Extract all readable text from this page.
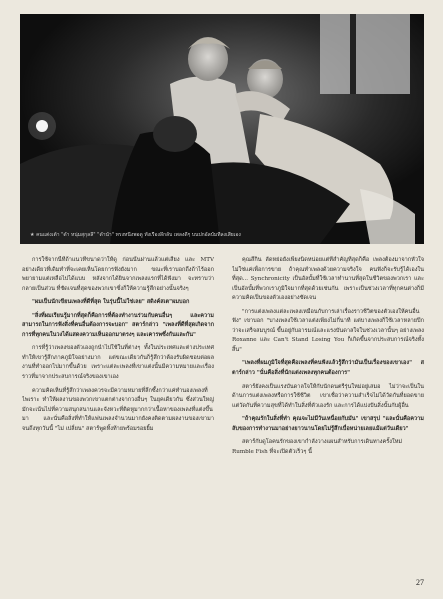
★ คนแต่งเต้า "ดำ หนุ่มสุกุลลี" "ดำน้ำ" ทรงหนึ่งพอดู ทั้งเรื่องลึกลับ เพลงดีๆ บนปกอัลบั้มที่ลงเสียเอง

การใช้จากนี้ที่ถ้าแนวที่ขนาดว่าให้ดู ก่อนนั้นผ่านแล้วแต่เสียง และ MTV อย่างเดียวที่เดิมทำที่จะเคยเห็นโดยการฟังยังมาก ขณะที่เราบอกถึงถ้าไร้ออกพยายามแต่เหลือไปได้แบบ หลังจากได้ยินจากเพลงแรกที่ได้ฟังมา จะทราบว่ากลายเป็นส่วน ที่ชัดเจนที่สุดของพวกเขาซึ่งก็ให้ความรู้สึกอย่างนั้นจริงๆ

"ผมเป็นนักเขียนเพลงที่ดีที่สุด ในรุ่นนี้ไม่ใช่เลย" สดิงค์สเต"ผมบอก

"สิ่งที่ผมเรียนรู้มากที่สุดก็คือการที่ต้องทำงานร่วมกับคนอื่นๆ และความสามารถในการฟังสิ่งที่คนอื่นต้องการจะบอก" สตาร์กล่าว "เพลงที่ดีที่สุดเกิดจากการที่ทุกคนในวงได้แสดงความเห็นออกมาตรงๆ และเคารพซึ่งกันและกัน"

การที่รู้ว่าเพลงของตัวเองถูกนำไปใช้ในที่ต่างๆ ทั้งในประเทศและต่างประเทศ ทำให้เขารู้สึกภาคภูมิใจอย่างมาก แต่ขณะเดียวกันก็รู้สึกว่าต้องรับผิดชอบต่อผลงานที่ทำออกไปมากขึ้นด้วย เพราะแต่ละเพลงที่เขาแต่งนั้นมีความหมายและเรื่องราวที่มาจากประสบการณ์จริงของเขาเอง

ความคิดเห็นที่รู้สึกว่าเพลงควรจะมีความหมายที่ลึกซึ้งกว่าแค่ทำนองเพลงที่ไพเราะ ทำให้ผลงานของพวกเขาแตกต่างจากวงอื่นๆ ในยุคเดียวกัน ซึ่งส่วนใหญ่มักจะเน้นไปที่ความสนุกสนานและจังหวะที่ติดหูมากกว่าเนื้อหาของเพลงที่แต่งขึ้นมา และนั่นคือสิ่งที่ทำให้แฟนเพลงจำนวนมากยังคงติดตามผลงานของเขามาจนถึงทุกวันนี้ "ไม่ เปลี่ยน" สตาร์พูดทิ้งท้ายพร้อมรอยยิ้ม

คุณสึกิน ลัดหย่อยังเพียงนิดหน่อยแต่ที่สำคัญที่สุดก็คือ เพลงต้องมาจากหัวใจ ไม่ใช่แค่เพื่อการขาย ถ้าคุณทำเพลงด้วยความจริงใจ คนฟังก็จะรับรู้ได้เองในที่สุด... Synchronicity เป็นอัลบั้มที่ใช้เวลาทำนานที่สุดในชีวิตของพวกเรา และเป็นอัลบั้มที่พวกเราภูมิใจมากที่สุดด้วยเช่นกัน เพราะเป็นช่วงเวลาที่ทุกคนต่างก็มีความคิดเป็นของตัวเองอย่างชัดเจน

"การแต่งเพลงแต่ละเพลงเหมือนกับการเล่าเรื่องราวชีวิตของตัวเองให้คนอื่นฟัง" เขาบอก "บางเพลงใช้เวลาแต่งเพียงไม่กี่นาที แต่บางเพลงก็ใช้เวลาหลายปีกว่าจะเสร็จสมบูรณ์ ขึ้นอยู่กับอารมณ์และแรงบันดาลใจในช่วงเวลานั้นๆ อย่างเพลง Roxanne และ Can't Stand Losing You ก็เกิดขึ้นจากประสบการณ์จริงทั้งสิ้น"

"เพลงที่ผมภูมิใจที่สุดคือเพลงที่คนฟังแล้วรู้สึกว่ามันเป็นเรื่องของเขาเอง" สตาร์กล่าว "นั่นคือสิ่งที่นักแต่งเพลงทุกคนต้องการ"

สตาร์ยังคงเป็นแรงบันดาลใจให้กับนักดนตรีรุ่นใหม่อยู่เสมอ ไม่ว่าจะเป็นในด้านการแต่งเพลงหรือการใช้ชีวิต เขาเชื่อว่าความสำเร็จไม่ได้วัดกันที่ยอดขาย แต่วัดกันที่ความสุขที่ได้ทำในสิ่งที่ตัวเองรัก และการได้แบ่งปันสิ่งนั้นกับผู้อื่น

"ถ้าคุณรักในสิ่งที่ทำ คุณจะไม่มีวันเหนื่อยกับมัน" เขาสรุป "และนั่นคือความลับของการทำงานมาอย่างยาวนานโดยไม่รู้สึกเบื่อหน่ายเลยแม้แต่วันเดียว"

สตาร์กับดูโอคนรักของเขากำลังวางแผนสำหรับการเดินทางครั้งใหม่ Rumble Fish ที่จะเปิดตัวเร็วๆ นี้

27
